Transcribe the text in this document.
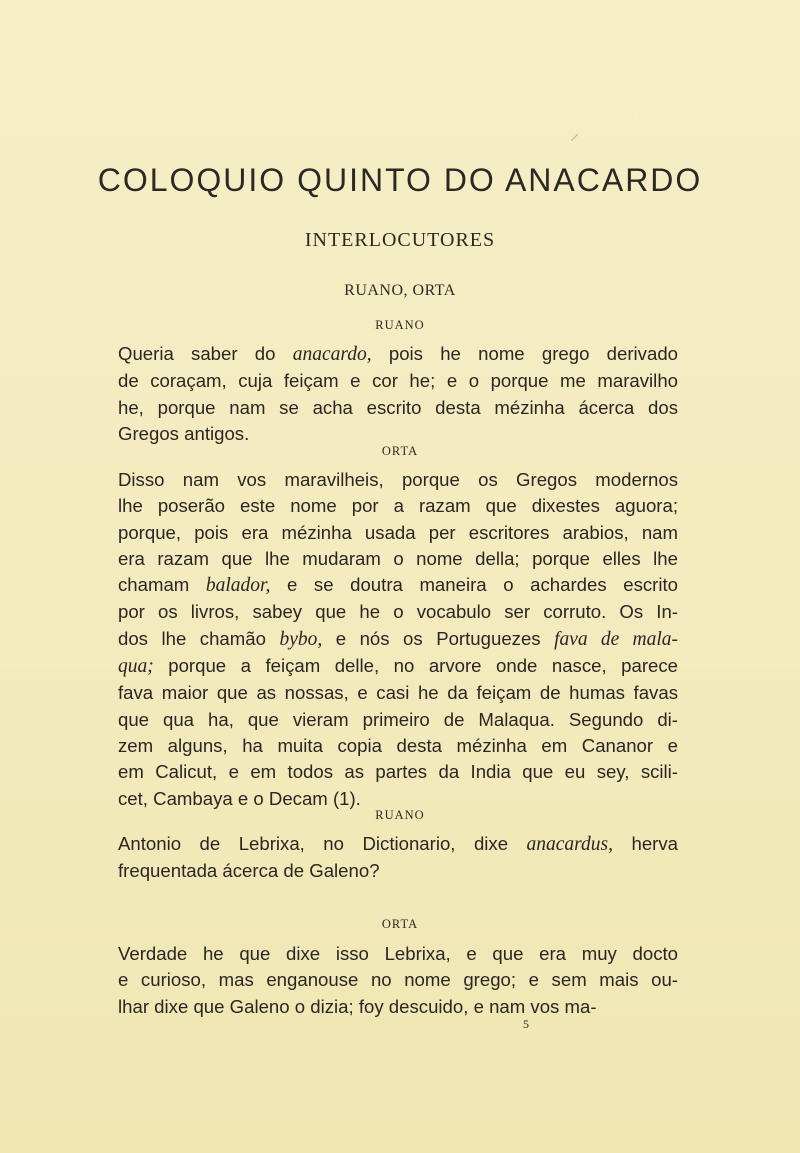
COLOQUIO QUINTO DO ANACARDO
INTERLOCUTORES
RUANO, ORTA
RUANO
Queria saber do anacardo, pois he nome grego derivado
de coraçam, cuja feiçam e cor he; e o porque me maravilho
he, porque nam se acha escrito desta mézinha ácerca dos
Gregos antigos.
ORTA
Disso nam vos maravilheis, porque os Gregos modernos
lhe poserão este nome por a razam que dixestes aguora;
porque, pois era mézinha usada per escritores arabios, nam
era razam que lhe mudaram o nome della; porque elles lhe
chamam balador, e se doutra maneira o achardes escrito
por os livros, sabey que he o vocabulo ser corruto. Os In-
dos lhe chamão bybo, e nós os Portuguezes fava de mala-
qua; porque a feiçam delle, no arvore onde nasce, parece
fava maior que as nossas, e casi he da feiçam de humas favas
que qua ha, que vieram primeiro de Malaqua. Segundo di-
zem alguns, ha muita copia desta mézinha em Cananor e
em Calicut, e em todos as partes da India que eu sey, scili-
cet, Cambaya e o Decam (1).
RUANO
Antonio de Lebrixa, no Dictionario, dixe anacardus, herva
frequentada ácerca de Galeno?
ORTA
Verdade he que dixe isso Lebrixa, e que era muy docto
e curioso, mas enganouse no nome grego; e sem mais ou-
lhar dixe que Galeno o dizia; foy descuido, e nam vos ma-
5
